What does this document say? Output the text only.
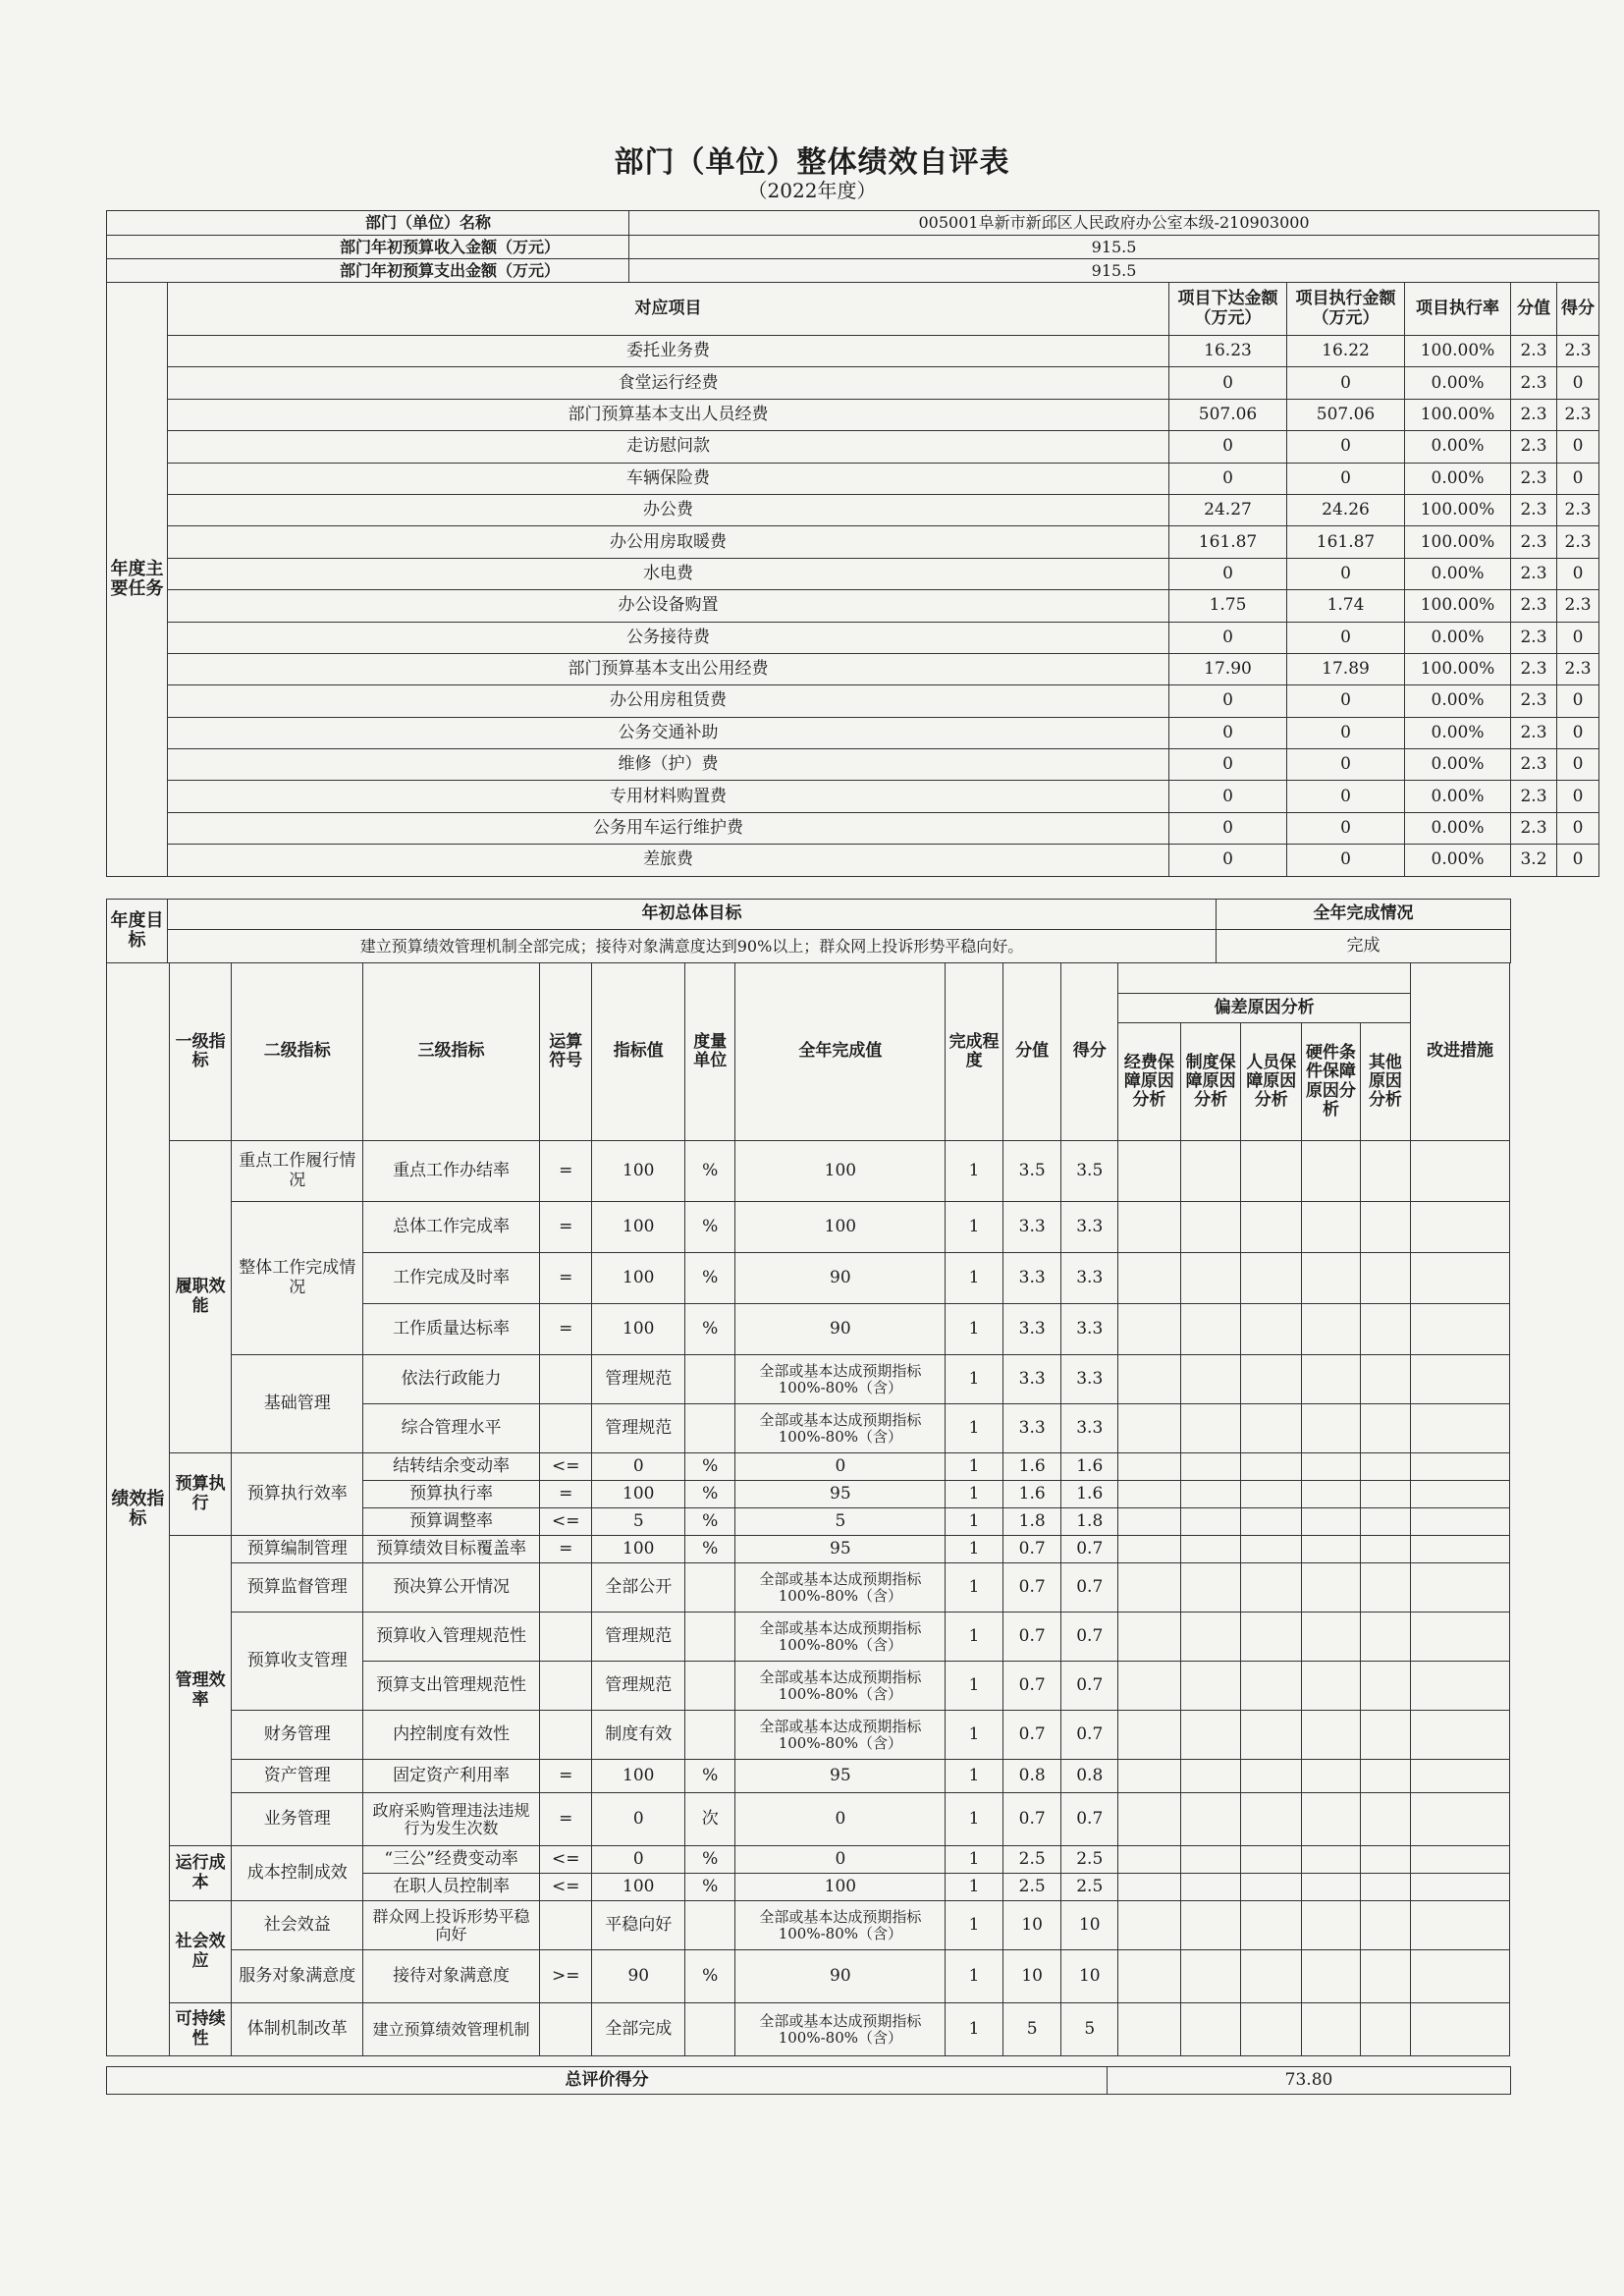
部门（单位）整体绩效自评表
（2022年度）
部门（单位）名称		005001阜新市新邱区人民政府办公室本级-210903000					
部门年初预算收入金额（万元）		915.5					
部门年初预算支出金额（万元）		915.5					
年度主要任务	对应项目		项目下达金额（万元）	项目执行金额（万元）	项目执行率	分值	得分
	委托业务费		16.23	16.22	100.00%	2.3	2.3
	食堂运行经费		0	0	0.00%	2.3	0
	部门预算基本支出人员经费		507.06	507.06	100.00%	2.3	2.3
	走访慰问款		0	0	0.00%	2.3	0
	车辆保险费		0	0	0.00%	2.3	0
	办公费		24.27	24.26	100.00%	2.3	2.3
	办公用房取暖费		161.87	161.87	100.00%	2.3	2.3
	水电费		0	0	0.00%	2.3	0
	办公设备购置		1.75	1.74	100.00%	2.3	2.3
	公务接待费		0	0	0.00%	2.3	0
	部门预算基本支出公用经费		17.90	17.89	100.00%	2.3	2.3
	办公用房租赁费		0	0	0.00%	2.3	0
	公务交通补助		0	0	0.00%	2.3	0
	维修（护）费		0	0	0.00%	2.3	0
	专用材料购置费		0	0	0.00%	2.3	0
	公务用车运行维护费		0	0	0.00%	2.3	0
	差旅费		0	0	0.00%	3.2	0
年度目标	年初总体目标	全年完成情况
	建立预算绩效管理机制全部完成；接待对象满意度达到90%以上；群众网上投诉形势平稳向好。	完成
绩效指标	一级指标	二级指标	三级指标	运算符号	指标值	度量单位	全年完成值	完成程度	分值	得分						改进措施
											偏差原因分析					
											经费保障原因分析	制度保障原因分析	人员保障原因分析	硬件条件保障原因分析	其他原因分析	
	履职效能	重点工作履行情况	重点工作办结率	=	100	%	100	1	3.5	3.5						
		整体工作完成情况	总体工作完成率	=	100	%	100	1	3.3	3.3						
			工作完成及时率	=	100	%	90	1	3.3	3.3						
			工作质量达标率	=	100	%	90	1	3.3	3.3						
		基础管理	依法行政能力		管理规范		全部或基本达成预期指标100%-80%（含）	1	3.3	3.3						
			综合管理水平		管理规范		全部或基本达成预期指标100%-80%（含）	1	3.3	3.3						
	预算执行	预算执行效率	结转结余变动率	<=	0	%	0	1	1.6	1.6						
			预算执行率	=	100	%	95	1	1.6	1.6						
			预算调整率	<=	5	%	5	1	1.8	1.8						
	管理效率	预算编制管理	预算绩效目标覆盖率	=	100	%	95	1	0.7	0.7						
		预算监督管理	预决算公开情况		全部公开		全部或基本达成预期指标100%-80%（含）	1	0.7	0.7						
		预算收支管理	预算收入管理规范性		管理规范		全部或基本达成预期指标100%-80%（含）	1	0.7	0.7						
			预算支出管理规范性		管理规范		全部或基本达成预期指标100%-80%（含）	1	0.7	0.7						
		财务管理	内控制度有效性		制度有效		全部或基本达成预期指标100%-80%（含）	1	0.7	0.7						
		资产管理	固定资产利用率	=	100	%	95	1	0.8	0.8						
		业务管理	政府采购管理违法违规行为发生次数	=	0	次	0	1	0.7	0.7						
	运行成本	成本控制成效	“三公”经费变动率	<=	0	%	0	1	2.5	2.5						
			在职人员控制率	<=	100	%	100	1	2.5	2.5						
	社会效应	社会效益	群众网上投诉形势平稳向好		平稳向好		全部或基本达成预期指标100%-80%（含）	1	10	10						
		服务对象满意度	接待对象满意度	>=	90	%	90	1	10	10						
	可持续性	体制机制改革	建立预算绩效管理机制		全部完成		全部或基本达成预期指标100%-80%（含）	1	5	5						
总评价得分	73.80
